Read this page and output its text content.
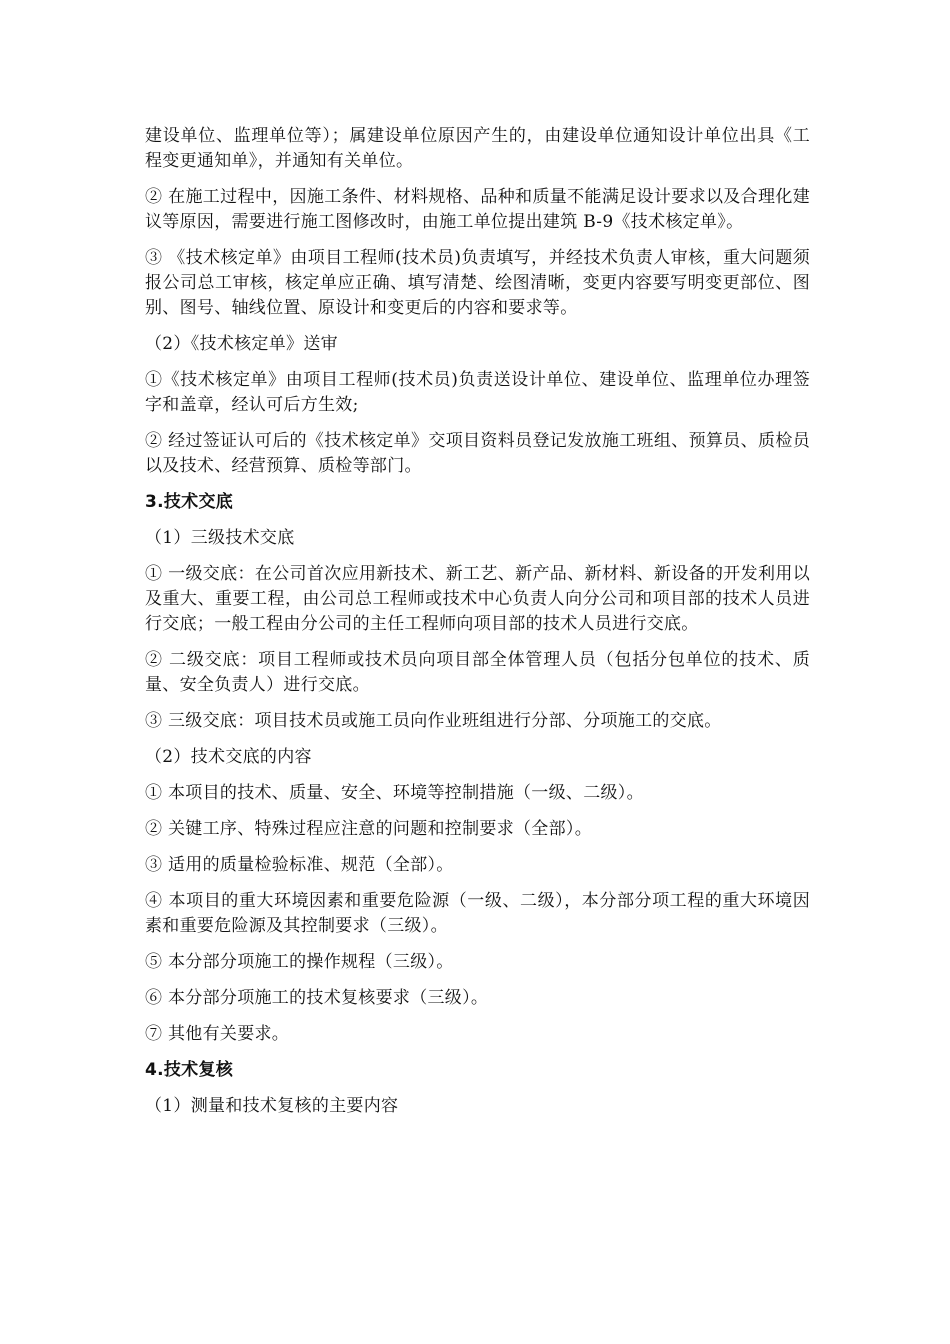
建设单位、监理单位等）；属建设单位原因产生的，由建设单位通知设计单位出具《工程变更通知单》，并通知有关单位。

② 在施工过程中，因施工条件、材料规格、品种和质量不能满足设计要求以及合理化建议等原因，需要进行施工图修改时，由施工单位提出建筑 B-9《技术核定单》。

③ 《技术核定单》由项目工程师(技术员)负责填写，并经技术负责人审核，重大问题须报公司总工审核，核定单应正确、填写清楚、绘图清晰，变更内容要写明变更部位、图别、图号、轴线位置、原设计和变更后的内容和要求等。

（2）《技术核定单》送审

①《技术核定单》由项目工程师(技术员)负责送设计单位、建设单位、监理单位办理签字和盖章，经认可后方生效;

② 经过签证认可后的《技术核定单》交项目资料员登记发放施工班组、预算员、质检员以及技术、经营预算、质检等部门。

3.技术交底

（1）三级技术交底

① 一级交底：在公司首次应用新技术、新工艺、新产品、新材料、新设备的开发利用以及重大、重要工程，由公司总工程师或技术中心负责人向分公司和项目部的技术人员进行交底；一般工程由分公司的主任工程师向项目部的技术人员进行交底。

② 二级交底：项目工程师或技术员向项目部全体管理人员（包括分包单位的技术、质量、安全负责人）进行交底。

③ 三级交底：项目技术员或施工员向作业班组进行分部、分项施工的交底。

（2）技术交底的内容

① 本项目的技术、质量、安全、环境等控制措施（一级、二级）。

② 关键工序、特殊过程应注意的问题和控制要求（全部）。

③ 适用的质量检验标准、规范（全部）。

④ 本项目的重大环境因素和重要危险源（一级、二级），本分部分项工程的重大环境因素和重要危险源及其控制要求（三级）。

⑤ 本分部分项施工的操作规程（三级）。

⑥ 本分部分项施工的技术复核要求（三级）。

⑦ 其他有关要求。

4.技术复核

（1）测量和技术复核的主要内容
